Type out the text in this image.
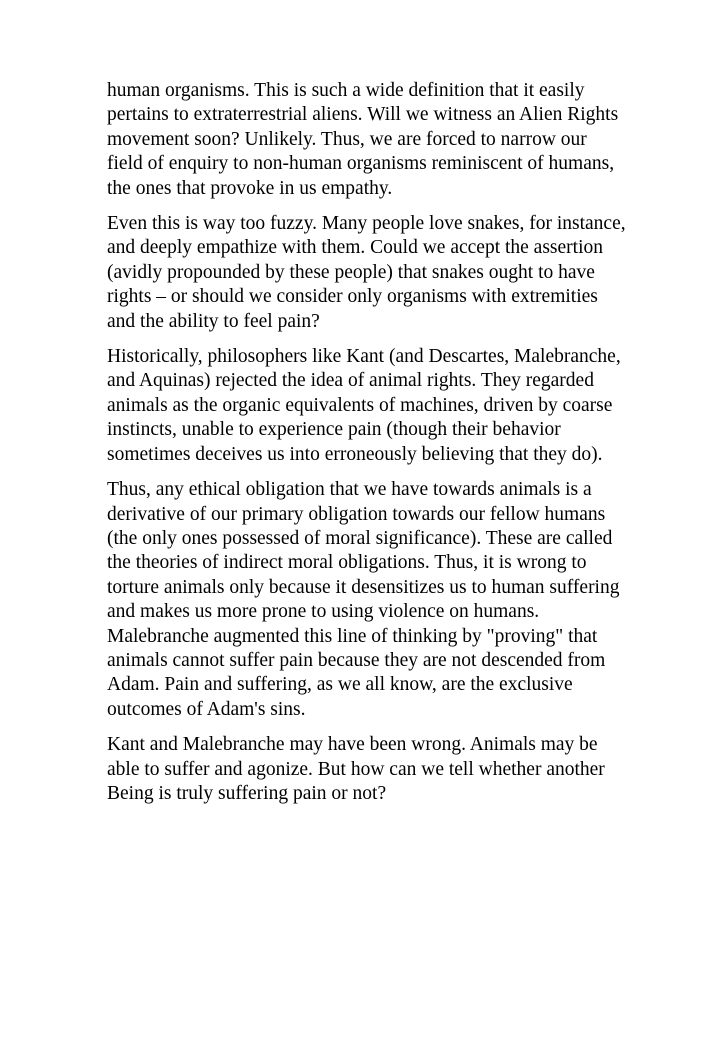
human organisms. This is such a wide definition that it easily pertains to extraterrestrial aliens. Will we witness an Alien Rights movement soon? Unlikely. Thus, we are forced to narrow our field of enquiry to non-human organisms reminiscent of humans, the ones that provoke in us empathy.

Even this is way too fuzzy. Many people love snakes, for instance, and deeply empathize with them. Could we accept the assertion (avidly propounded by these people) that snakes ought to have rights – or should we consider only organisms with extremities and the ability to feel pain?

Historically, philosophers like Kant (and Descartes, Malebranche, and Aquinas) rejected the idea of animal rights. They regarded animals as the organic equivalents of machines, driven by coarse instincts, unable to experience pain (though their behavior sometimes deceives us into erroneously believing that they do).

Thus, any ethical obligation that we have towards animals is a derivative of our primary obligation towards our fellow humans (the only ones possessed of moral significance). These are called the theories of indirect moral obligations. Thus, it is wrong to torture animals only because it desensitizes us to human suffering and makes us more prone to using violence on humans. Malebranche augmented this line of thinking by "proving" that animals cannot suffer pain because they are not descended from Adam. Pain and suffering, as we all know, are the exclusive outcomes of Adam's sins.

Kant and Malebranche may have been wrong. Animals may be able to suffer and agonize. But how can we tell whether another Being is truly suffering pain or not?
